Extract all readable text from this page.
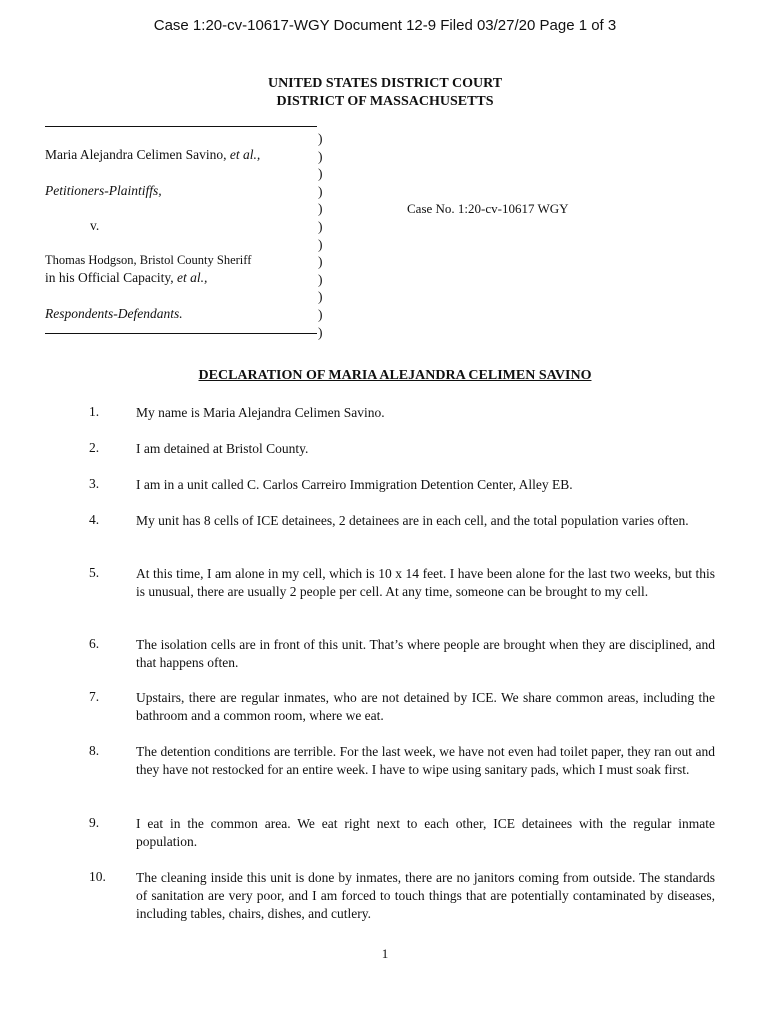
Case 1:20-cv-10617-WGY Document 12-9 Filed 03/27/20 Page 1 of 3
UNITED STATES DISTRICT COURT
DISTRICT OF MASSACHUSETTS
)
)
)
)
)
)
)
)
)
)
)
)
Maria Alejandra Celimen Savino, et al.,
Petitioners-Plaintiffs,
v.
Thomas Hodgson, Bristol County Sheriff
in his Official Capacity, et al.,
Respondents-Defendants.
Case No. 1:20-cv-10617 WGY
DECLARATION OF MARIA ALEJANDRA CELIMEN SAVINO
1.	My name is Maria Alejandra Celimen Savino.
2.	I am detained at Bristol County.
3.	I am in a unit called C. Carlos Carreiro Immigration Detention Center, Alley EB.
4.	My unit has 8 cells of ICE detainees, 2 detainees are in each cell, and the total population varies often.
5.	At this time, I am alone in my cell, which is 10 x 14 feet. I have been alone for the last two weeks, but this is unusual, there are usually 2 people per cell. At any time, someone can be brought to my cell.
6.	The isolation cells are in front of this unit. That’s where people are brought when they are disciplined, and that happens often.
7.	Upstairs, there are regular inmates, who are not detained by ICE. We share common areas, including the bathroom and a common room, where we eat.
8.	The detention conditions are terrible. For the last week, we have not even had toilet paper, they ran out and they have not restocked for an entire week. I have to wipe using sanitary pads, which I must soak first.
9.	I eat in the common area. We eat right next to each other, ICE detainees with the regular inmate population.
10.	The cleaning inside this unit is done by inmates, there are no janitors coming from outside. The standards of sanitation are very poor, and I am forced to touch things that are potentially contaminated by diseases, including tables, chairs, dishes, and cutlery.
1
